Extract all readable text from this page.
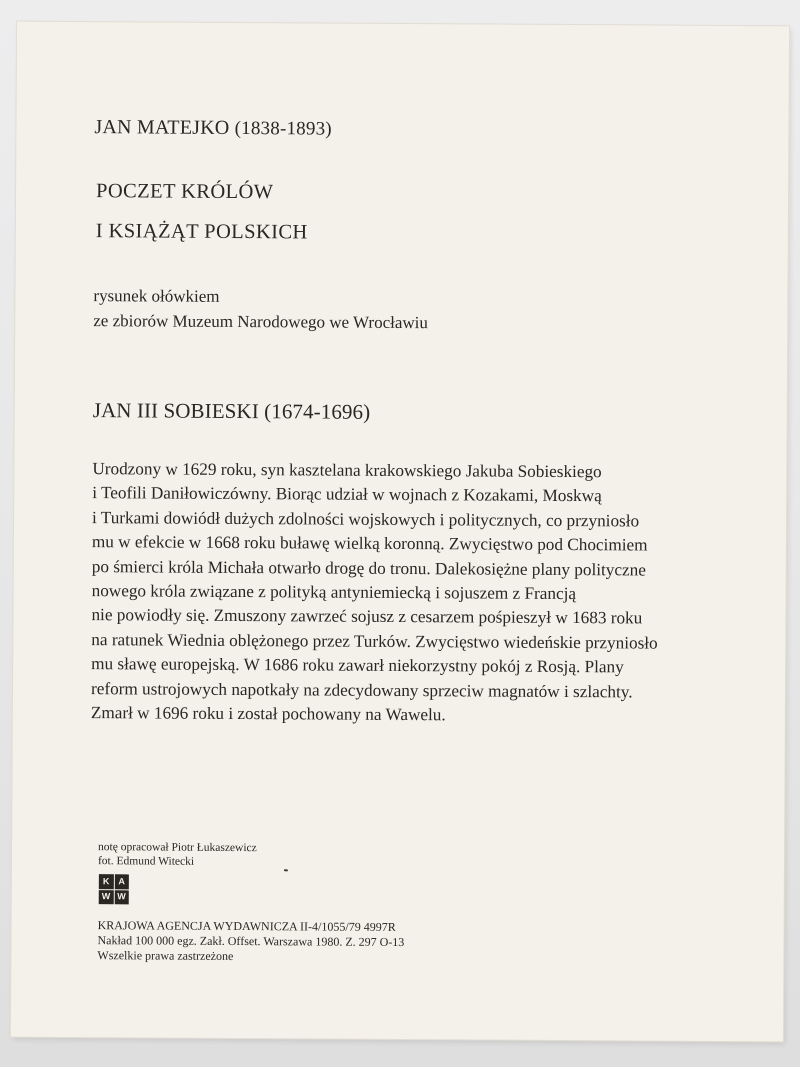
JAN MATEJKO (1838-1893)
POCZET KRÓLÓW
I KSIĄŻĄT POLSKICH
rysunek ołówkiem
ze zbiorów Muzeum Narodowego we Wrocławiu
JAN III SOBIESKI (1674-1696)
Urodzony w 1629 roku, syn kasztelana krakowskiego Jakuba Sobieskiego
i Teofili Daniłowiczówny. Biorąc udział w wojnach z Kozakami, Moskwą
i Turkami dowiódł dużych zdolności wojskowych i politycznych, co przyniosło
mu w efekcie w 1668 roku buławę wielką koronną. Zwycięstwo pod Chocimiem
po śmierci króla Michała otwarło drogę do tronu. Dalekosiężne plany polityczne
nowego króla związane z polityką antyniemiecką i sojuszem z Francją
nie powiodły się. Zmuszony zawrzeć sojusz z cesarzem pośpieszył w 1683 roku
na ratunek Wiednia oblężonego przez Turków. Zwycięstwo wiedeńskie przyniosło
mu sławę europejską. W 1686 roku zawarł niekorzystny pokój z Rosją. Plany
reform ustrojowych napotkały na zdecydowany sprzeciw magnatów i szlachty.
Zmarł w 1696 roku i został pochowany na Wawelu.
notę opracował Piotr Łukaszewicz
fot. Edmund Witecki
K A
W W
KRAJOWA AGENCJA WYDAWNICZA II-4/1055/79 4997R
Nakład 100 000 egz. Zakł. Offset. Warszawa 1980. Z. 297 O-13
Wszelkie prawa zastrzeżone
